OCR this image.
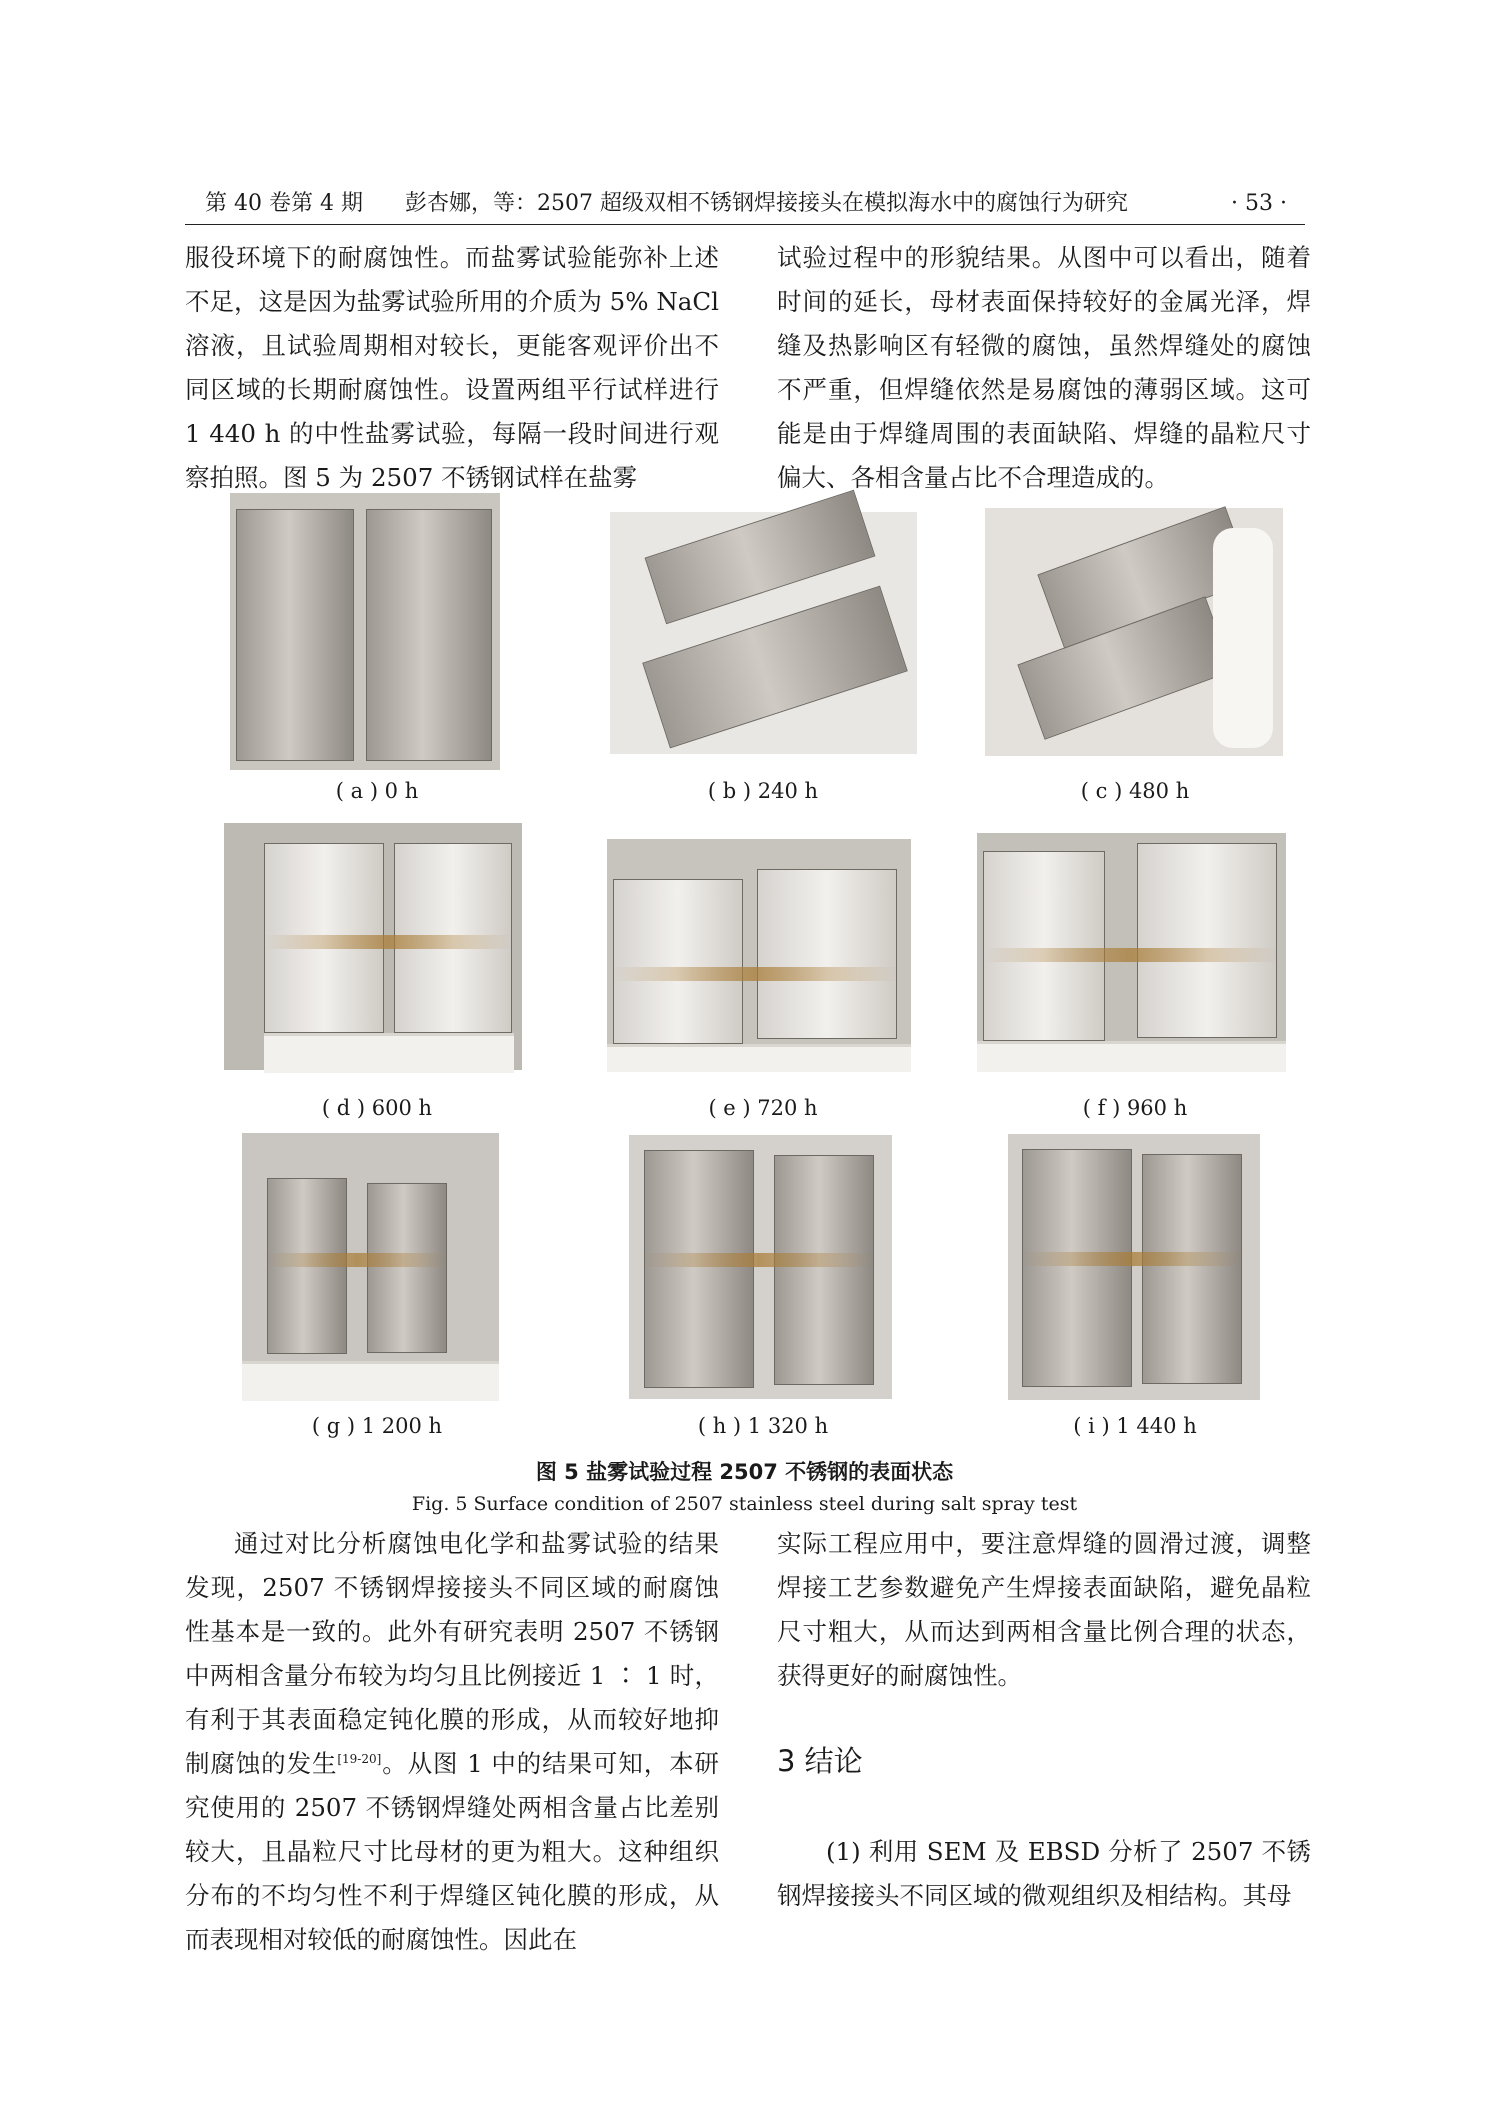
第 40 卷第 4 期 彭杏娜，等：2507 超级双相不锈钢焊接接头在模拟海水中的腐蚀行为研究	· 53 ·

服役环境下的耐腐蚀性。而盐雾试验能弥补上述不足，这是因为盐雾试验所用的介质为 5% NaCl 溶液，且试验周期相对较长，更能客观评价出不同区域的长期耐腐蚀性。设置两组平行试样进行 1 440 h 的中性盐雾试验，每隔一段时间进行观察拍照。图 5 为 2507 不锈钢试样在盐雾

试验过程中的形貌结果。从图中可以看出，随着时间的延长，母材表面保持较好的金属光泽，焊缝及热影响区有轻微的腐蚀，虽然焊缝处的腐蚀不严重，但焊缝依然是易腐蚀的薄弱区域。这可能是由于焊缝周围的表面缺陷、焊缝的晶粒尺寸偏大、各相含量占比不合理造成的。

( a ) 0 h	( b ) 240 h	( c ) 480 h
( d ) 600 h	( e ) 720 h	( f ) 960 h
( g ) 1 200 h	( h ) 1 320 h	( i ) 1 440 h
图 5 盐雾试验过程 2507 不锈钢的表面状态
Fig. 5 Surface condition of 2507 stainless steel during salt spray test

通过对比分析腐蚀电化学和盐雾试验的结果发现，2507 不锈钢焊接接头不同区域的耐腐蚀性基本是一致的。此外有研究表明 2507 不锈钢中两相含量分布较为均匀且比例接近 1 ∶ 1 时，有利于其表面稳定钝化膜的形成，从而较好地抑制腐蚀的发生[19-20]。从图 1 中的结果可知，本研究使用的 2507 不锈钢焊缝处两相含量占比差别较大，且晶粒尺寸比母材的更为粗大。这种组织分布的不均匀性不利于焊缝区钝化膜的形成，从而表现相对较低的耐腐蚀性。因此在

实际工程应用中，要注意焊缝的圆滑过渡，调整焊接工艺参数避免产生焊接表面缺陷，避免晶粒尺寸粗大，从而达到两相含量比例合理的状态，获得更好的耐腐蚀性。

3 结论

(1) 利用 SEM 及 EBSD 分析了 2507 不锈钢焊接接头不同区域的微观组织及相结构。其母
